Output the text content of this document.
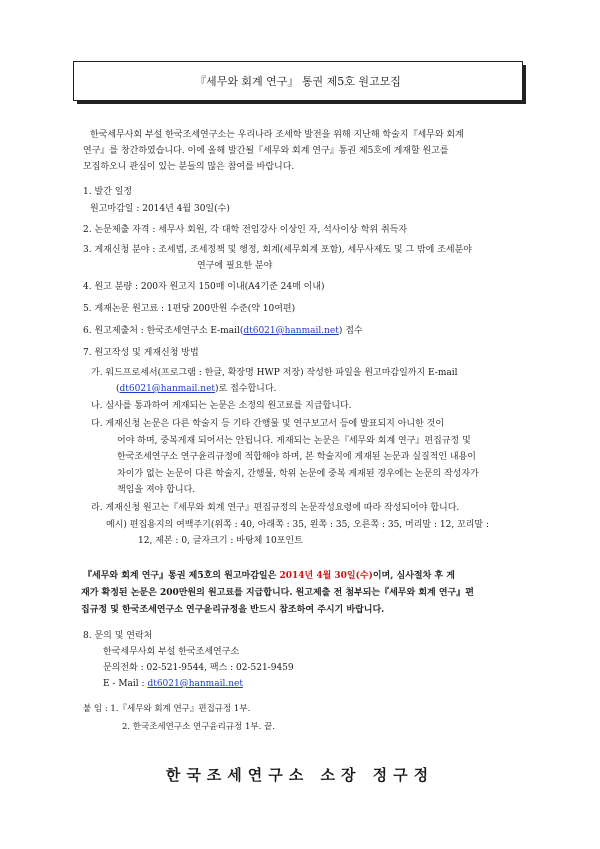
『세무와 회계 연구』 통권 제5호 원고모집
한국세무사회 부설 한국조세연구소는 우리나라 조세학 발전을 위해 지난해 학술지『세무와 회계
연구』를 창간하였습니다. 이에 올해 발간될『세무와 회계 연구』통권 제5호에 게재할 원고를
모집하오니 관심이 있는 분들의 많은 참여를 바랍니다.
1. 발간 일정
원고마감일 : 2014년 4월 30일(수)
2. 논문제출 자격 : 세무사 회원, 각 대학 전임강사 이상인 자, 석사이상 학위 취득자
3. 게재신청 분야 : 조세법, 조세정책 및 행정, 회계(세무회계 포함), 세무사제도 및 그 밖에 조세분야
연구에 필요한 분야
4. 원고 분량 : 200자 원고지 150매 이내(A4기준 24매 이내)
5. 게재논문 원고료 : 1편당 200만원 수준(약 10여편)
6. 원고제출처 : 한국조세연구소 E-mail(dt6021@hanmail.net) 접수
7. 원고작성 및 게재신청 방법
가. 워드프로세서(프로그램 : 한글, 확장명 HWP 저장) 작성한 파일을 원고마감일까지 E-mail
(dt6021@hanmail.net)로 접수합니다.
나. 심사를 통과하여 게재되는 논문은 소정의 원고료를 지급합니다.
다. 게재신청 논문은 다른 학술지 등 기타 간행물 및 연구보고서 등에 발표되지 아니한 것이
어야 하며, 중복게재 되어서는 안됩니다. 게재되는 논문은『세무와 회계 연구』편집규정 및
한국조세연구소 연구윤리규정에 적합해야 하며, 본 학술지에 게재된 논문과 실질적인 내용이
차이가 없는 논문이 다른 학술지, 간행물, 학위 논문에 중복 게재된 경우에는 논문의 작성자가
책임을 져야 합니다.
라. 게재신청 원고는『세무와 회계 연구』편집규정의 논문작성요령에 따라 작성되어야 합니다.
예시) 편집용지의 여백주기(위쪽 : 40, 아래쪽 : 35, 왼쪽 : 35, 오른쪽 : 35, 머리말 : 12, 꼬리말 :
12, 제본 : 0, 글자크기 : 바탕체 10포인트
『세무와 회계 연구』통권 제5호의 원고마감일은 2014년 4월 30일(수)이며, 심사절차 후 게
재가 확정된 논문은 200만원의 원고료를 지급합니다. 원고제출 전 첨부되는『세무와 회계 연구』편
집규정 및 한국조세연구소 연구윤리규정을 반드시 참조하여 주시기 바랍니다.
8. 문의 및 연락처
한국세무사회 부설 한국조세연구소
문의전화 : 02-521-9544, 팩스 : 02-521-9459
E - Mail : dt6021@hanmail.net
붙 임 : 1.『세무와 회계 연구』편집규정 1부.
2. 한국조세연구소 연구윤리규정 1부. 끝.
한국조세연구소 소장 정구정
